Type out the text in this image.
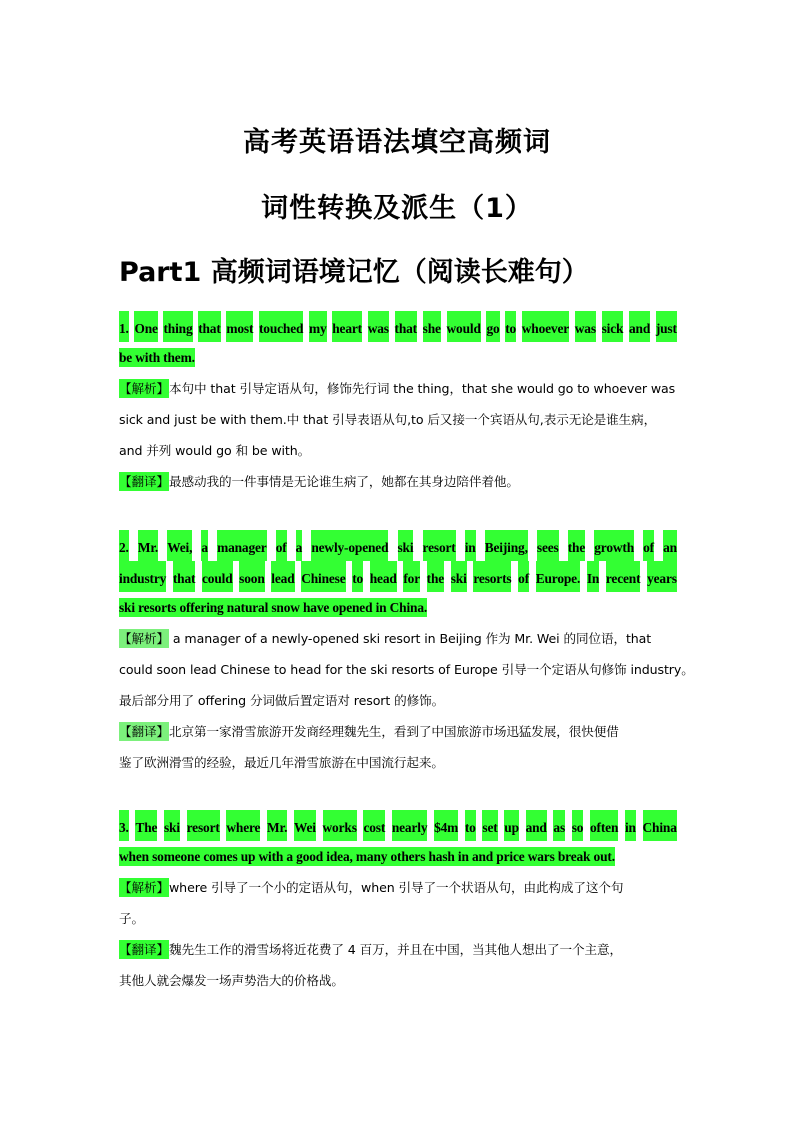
高考英语语法填空高频词
词性转换及派生（1）
Part1 高频词语境记忆（阅读长难句）
1. One thing that most touched my heart was that she would go to whoever was sick and just
be with them.
【解析】本句中 that 引导定语从句，修饰先行词 the thing，that she would go to whoever was
sick and just be with them.中 that 引导表语从句,to 后又接一个宾语从句,表示无论是谁生病，
and 并列 would go 和 be with。
【翻译】最感动我的一件事情是无论谁生病了，她都在其身边陪伴着他。
2. Mr. Wei, a manager of a newly-opened ski resort in Beijing, sees the growth of an
industry that could soon lead Chinese to head for the ski resorts of Europe. In recent years
ski resorts offering natural snow have opened in China.
【解析】 a manager of a newly-opened ski resort in Beijing 作为 Mr. Wei 的同位语，that
could soon lead Chinese to head for the ski resorts of Europe 引导一个定语从句修饰 industry。
最后部分用了 offering 分词做后置定语对 resort 的修饰。
【翻译】北京第一家滑雪旅游开发商经理魏先生，看到了中国旅游市场迅猛发展，很快便借
鉴了欧洲滑雪的经验，最近几年滑雪旅游在中国流行起来。
3. The ski resort where Mr. Wei works cost nearly $4m to set up and as so often in China
when someone comes up with a good idea, many others hash in and price wars break out.
【解析】where 引导了一个小的定语从句，when 引导了一个状语从句，由此构成了这个句
子。
【翻译】魏先生工作的滑雪场将近花费了 4 百万，并且在中国，当其他人想出了一个主意，
其他人就会爆发一场声势浩大的价格战。
